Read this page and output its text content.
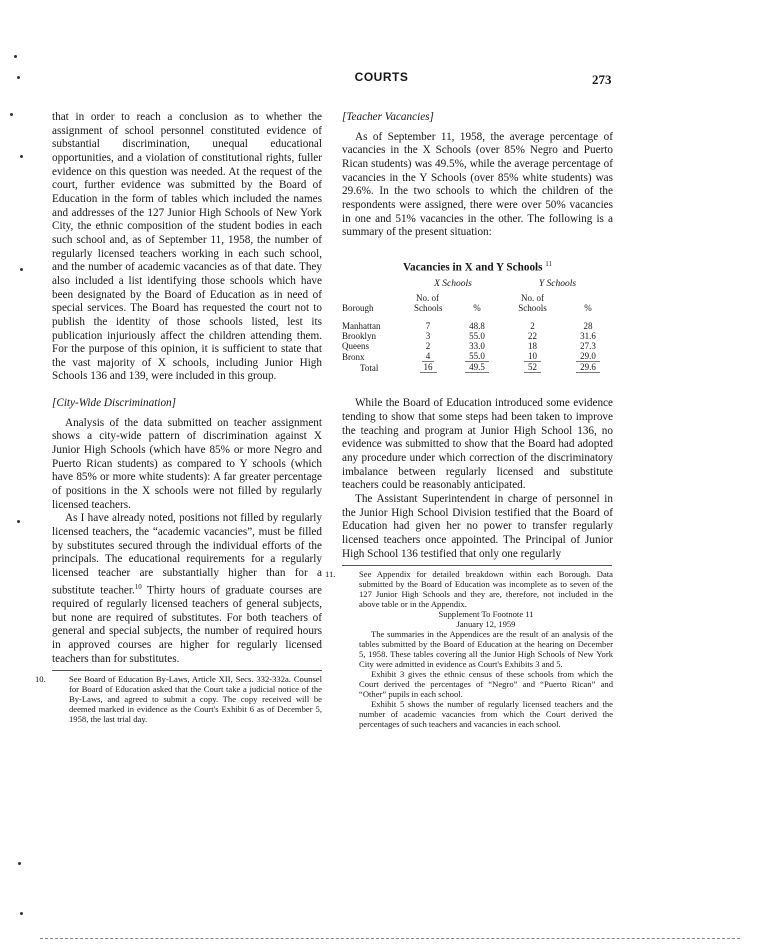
COURTS	273

that in order to reach a conclusion as to whether the assignment of school personnel constituted evidence of substantial discrimination, unequal educational opportunities, and a violation of constitutional rights, fuller evidence on this question was needed. At the request of the court, further evidence was submitted by the Board of Education in the form of tables which included the names and addresses of the 127 Junior High Schools of New York City, the ethnic composition of the student bodies in each such school and, as of September 11, 1958, the number of regularly licensed teachers working in each such school, and the number of academic vacancies as of that date. They also included a list identifying those schools which have been designated by the Board of Education as in need of special services. The Board has requested the court not to publish the identity of those schools listed, lest its publication injuriously affect the children attending them. For the purpose of this opinion, it is sufficient to state that the vast majority of X schools, including Junior High Schools 136 and 139, were included in this group.

[City-Wide Discrimination]

Analysis of the data submitted on teacher assignment shows a city-wide pattern of discrimination against X Junior High Schools (which have 85% or more Negro and Puerto Rican students) as compared to Y schools (which have 85% or more white students): A far greater percentage of positions in the X schools were not filled by regularly licensed teachers.

As I have already noted, positions not filled by regularly licensed teachers, the “academic vacancies”, must be filled by substitutes secured through the individual efforts of the principals. The educational requirements for a regularly licensed teacher are substantially higher than for a substitute teacher.$^{10}$ Thirty hours of graduate courses are required of regularly licensed teachers of general subjects, but none are required of substitutes. For both teachers of general and special subjects, the number of required hours in approved courses are higher for regularly licensed teachers than for substitutes.

10.	See Board of Education By-Laws, Article XII, Secs. 332-332a. Counsel for Board of Education asked that the Court take a judicial notice of the By-Laws, and agreed to submit a copy. The copy received will be deemed marked in evidence as the Court's Exhibit 6 as of December 5, 1958, the last trial day.

[Teacher Vacancies]

As of September 11, 1958, the average percentage of vacancies in the X Schools (over 85% Negro and Puerto Rican students) was 49.5%, while the average percentage of vacancies in the Y Schools (over 85% white students) was 29.6%. In the two schools to which the children of the respondents were assigned, there were over 50% vacancies in one and 51% vacancies in the other. The following is a summary of the present situation:

Vacancies in X and Y Schools $^{11}$
	X Schools		Y Schools	
	No. of		No. of	
Borough	Schools	%	Schools	%

Manhattan	7	48.8	2	28
Brooklyn	3	55.0	22	31.6
Queens	2	33.0	18	27.3
Bronx	4	55.0	10	29.0
Total	16	49.5	52	29.6

While the Board of Education introduced some evidence tending to show that some steps had been taken to improve the teaching and program at Junior High School 136, no evidence was submitted to show that the Board had adopted any procedure under which correction of the discriminatory imbalance between regularly licensed and substitute teachers could be reasonably anticipated.

The Assistant Superintendent in charge of personnel in the Junior High School Division testified that the Board of Education had given her no power to transfer regularly licensed teachers once appointed. The Principal of Junior High School 136 testified that only one regularly

11.	See Appendix for detailed breakdown within each Borough. Data submitted by the Board of Education was incomplete as to seven of the 127 Junior High Schools and they are, therefore, not included in the above table or in the Appendix.

Supplement To Footnote 11

January 12, 1959

The summaries in the Appendices are the result of an analysis of the tables submitted by the Board of Education at the hearing on December 5, 1958. These tables covering all the Junior High Schools of New York City were admitted in evidence as Court's Exhibits 3 and 5.

Exhibit 3 gives the ethnic census of these schools from which the Court derived the percentages of “Negro” and “Puerto Rican” and “Other” pupils in each school.

Exhibit 5 shows the number of regularly licensed teachers and the number of academic vacancies from which the Court derived the percentages of such teachers and vacancies in each school.
